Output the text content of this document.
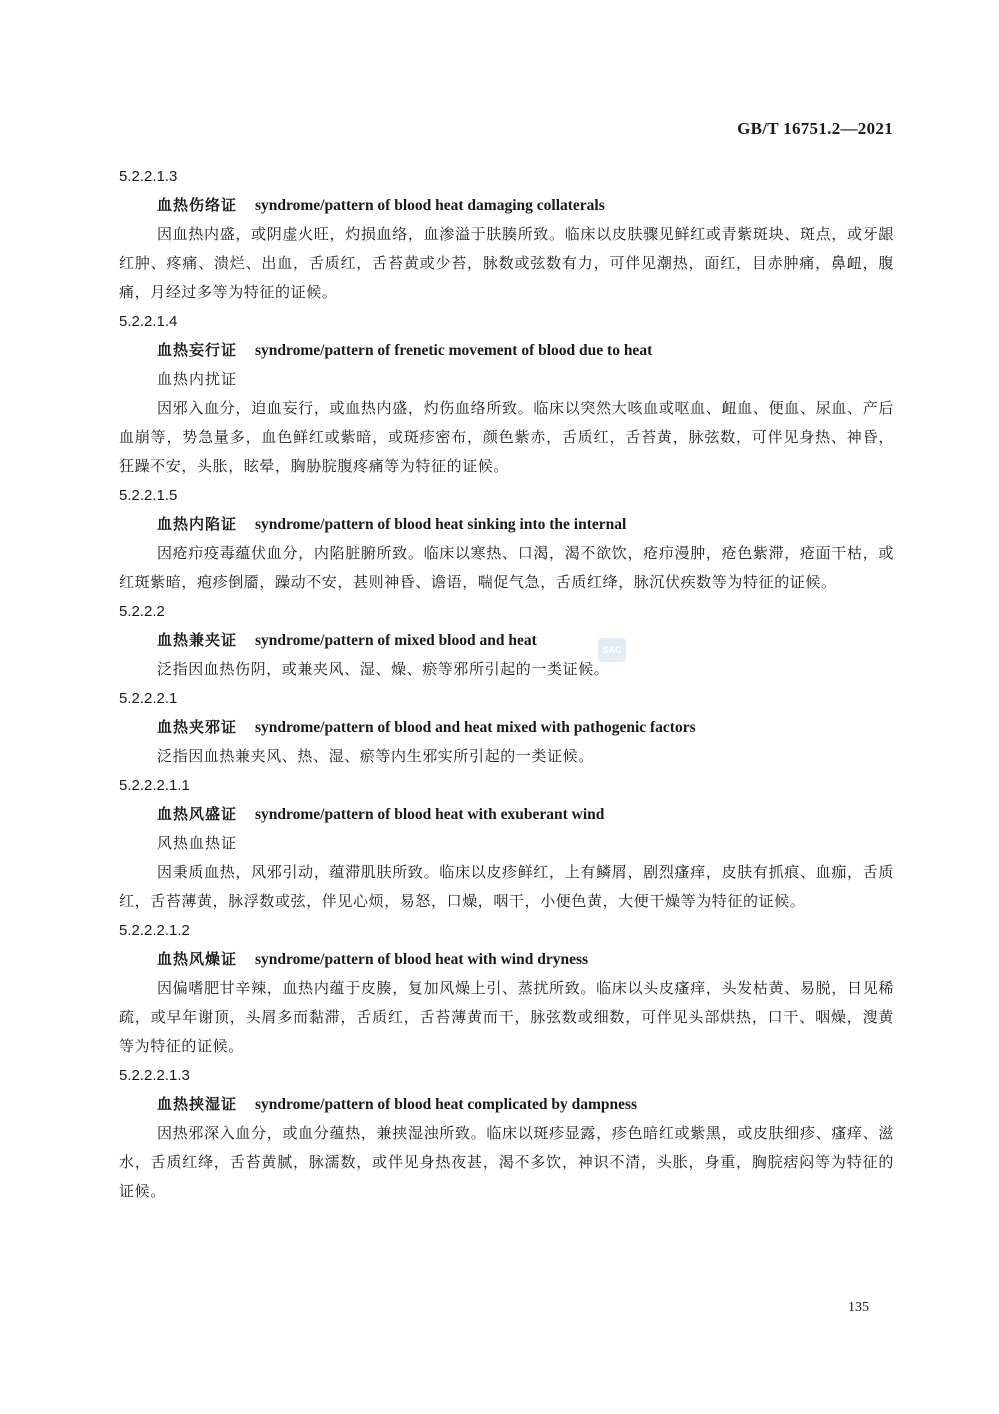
GB/T 16751.2—2021
SAC
5.2.2.1.3
血热伤络证 syndrome/pattern of blood heat damaging collaterals
因血热内盛，或阴虚火旺，灼损血络，血渗溢于肤腠所致。临床以皮肤骤见鲜红或青紫斑块、斑点，或牙龈红肿、疼痛、溃烂、出血，舌质红，舌苔黄或少苔，脉数或弦数有力，可伴见潮热，面红，目赤肿痛，鼻衄，腹痛，月经过多等为特征的证候。
5.2.2.1.4
血热妄行证 syndrome/pattern of frenetic movement of blood due to heat
血热内扰证
因邪入血分，迫血妄行，或血热内盛，灼伤血络所致。临床以突然大咳血或呕血、衄血、便血、尿血、产后血崩等，势急量多，血色鲜红或紫暗，或斑疹密布，颜色紫赤，舌质红，舌苔黄，脉弦数，可伴见身热、神昏，狂躁不安，头胀，眩晕，胸胁脘腹疼痛等为特征的证候。
5.2.2.1.5
血热内陷证 syndrome/pattern of blood heat sinking into the internal
因疮疖疫毒蕴伏血分，内陷脏腑所致。临床以寒热、口渴，渴不欲饮，疮疖漫肿，疮色紫滞，疮面干枯，或红斑紫暗，疱疹倒靥，躁动不安，甚则神昏、谵语，喘促气急，舌质红绛，脉沉伏疾数等为特征的证候。
5.2.2.2
血热兼夹证 syndrome/pattern of mixed blood and heat
泛指因血热伤阴，或兼夹风、湿、燥、瘀等邪所引起的一类证候。
5.2.2.2.1
血热夹邪证 syndrome/pattern of blood and heat mixed with pathogenic factors
泛指因血热兼夹风、热、湿、瘀等内生邪实所引起的一类证候。
5.2.2.2.1.1
血热风盛证 syndrome/pattern of blood heat with exuberant wind
风热血热证
因秉质血热，风邪引动，蕴滞肌肤所致。临床以皮疹鲜红，上有鳞屑，剧烈瘙痒，皮肤有抓痕、血痂，舌质红，舌苔薄黄，脉浮数或弦，伴见心烦，易怒，口燥，咽干，小便色黄，大便干燥等为特征的证候。
5.2.2.2.1.2
血热风燥证 syndrome/pattern of blood heat with wind dryness
因偏嗜肥甘辛辣，血热内蕴于皮腠，复加风燥上引、蒸扰所致。临床以头皮瘙痒，头发枯黄、易脱，日见稀疏，或早年谢顶，头屑多而黏滞，舌质红，舌苔薄黄而干，脉弦数或细数，可伴见头部烘热，口干、咽燥，溲黄等为特征的证候。
5.2.2.2.1.3
血热挟湿证 syndrome/pattern of blood heat complicated by dampness
因热邪深入血分，或血分蕴热，兼挟湿浊所致。临床以斑疹显露，疹色暗红或紫黑，或皮肤细疹、瘙痒、滋水，舌质红绛，舌苔黄腻，脉濡数，或伴见身热夜甚，渴不多饮，神识不清，头胀，身重，胸脘痞闷等为特征的证候。
135
